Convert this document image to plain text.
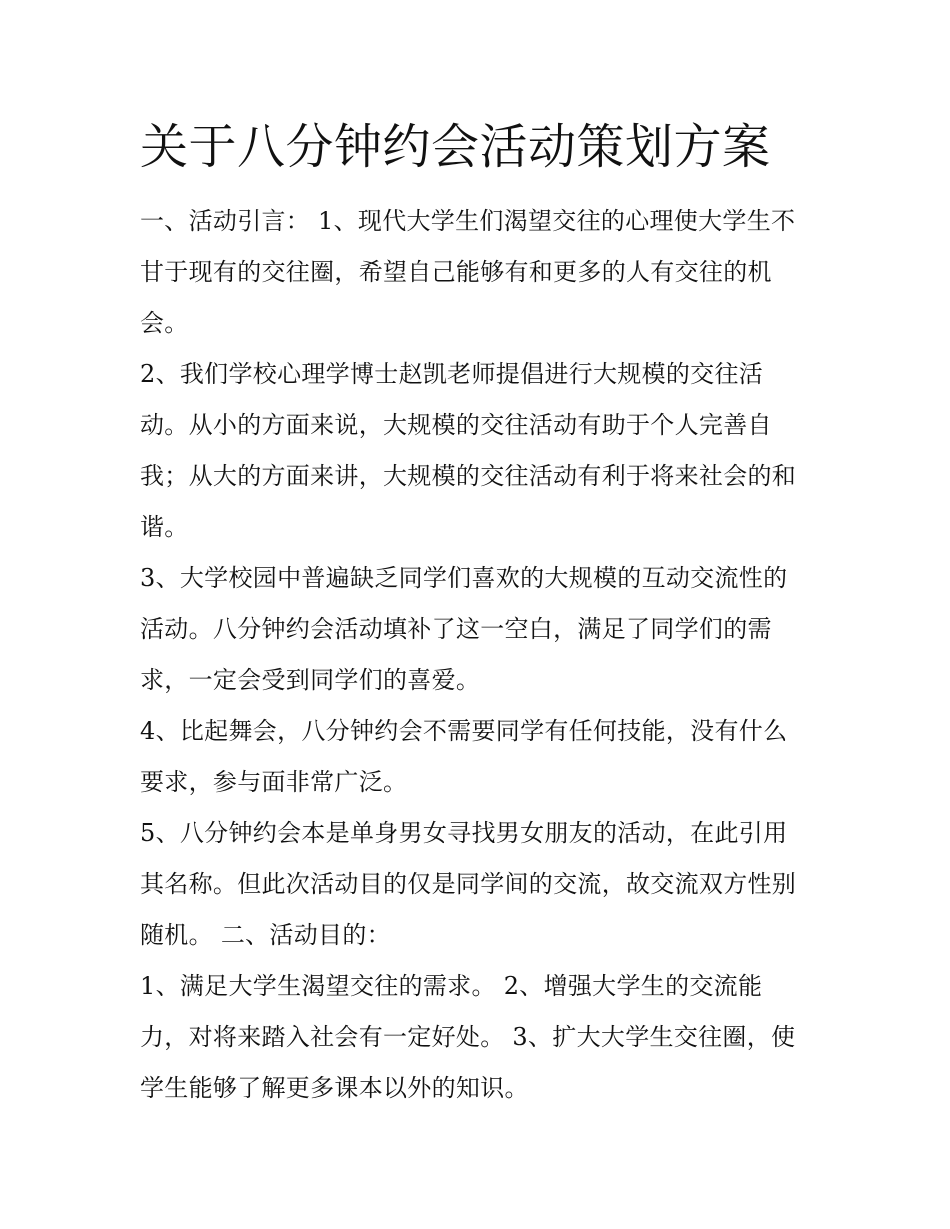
关于八分钟约会活动策划方案

一、活动引言： 1、现代大学生们渴望交往的心理使大学生不
甘于现有的交往圈，希望自己能够有和更多的人有交往的机
会。

2、我们学校心理学博士赵凯老师提倡进行大规模的交往活
动。从小的方面来说，大规模的交往活动有助于个人完善自
我；从大的方面来讲，大规模的交往活动有利于将来社会的和
谐。

3、大学校园中普遍缺乏同学们喜欢的大规模的互动交流性的
活动。八分钟约会活动填补了这一空白，满足了同学们的需
求，一定会受到同学们的喜爱。

4、比起舞会，八分钟约会不需要同学有任何技能，没有什么
要求，参与面非常广泛。

5、八分钟约会本是单身男女寻找男女朋友的活动，在此引用
其名称。但此次活动目的仅是同学间的交流，故交流双方性别
随机。 二、活动目的：

1、满足大学生渴望交往的需求。 2、增强大学生的交流能
力，对将来踏入社会有一定好处。 3、扩大大学生交往圈，使
学生能够了解更多课本以外的知识。
